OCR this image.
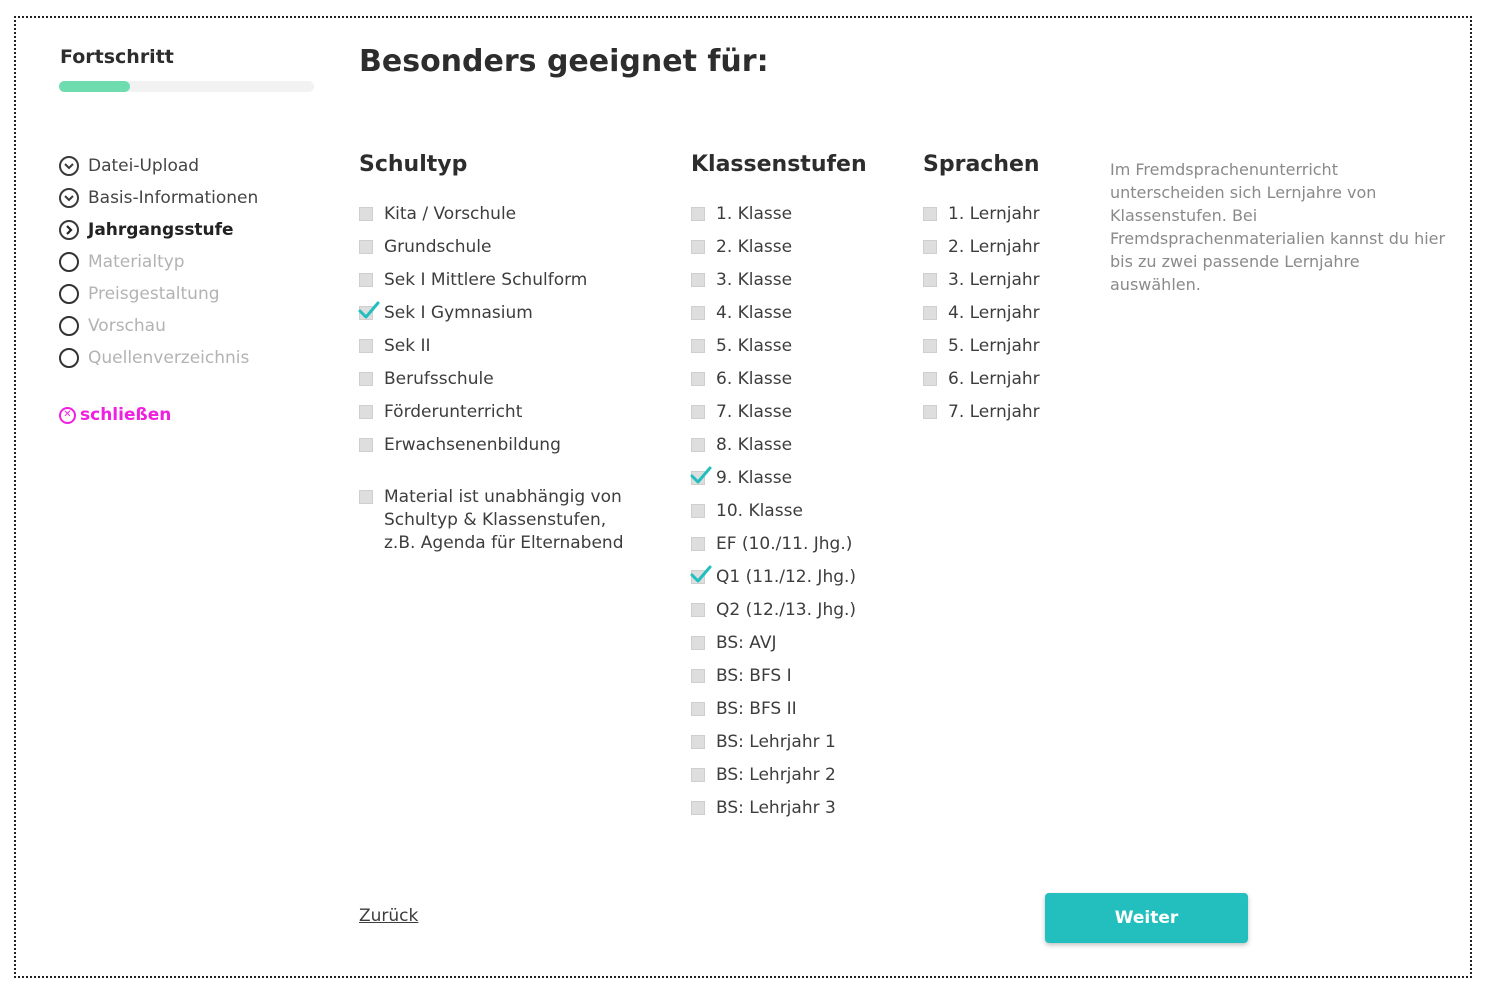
Fortschritt
Datei-Upload
Basis-Informationen
Jahrgangsstufe
Materialtyp
Preisgestaltung
Vorschau
Quellenverzeichnis
✕ schließen
Besonders geeignet für:
Schultyp
Kita / Vorschule
Grundschule
Sek I Mittlere Schulform
Sek I Gymnasium
Sek II
Berufsschule
Förderunterricht
Erwachsenenbildung
Material ist unabhängig von Schultyp & Klassenstufen, z.B. Agenda für Elternabend
Klassenstufen
1. Klasse
2. Klasse
3. Klasse
4. Klasse
5. Klasse
6. Klasse
7. Klasse
8. Klasse
9. Klasse
10. Klasse
EF (10./11. Jhg.)
Q1 (11./12. Jhg.)
Q2 (12./13. Jhg.)
BS: AVJ
BS: BFS I
BS: BFS II
BS: Lehrjahr 1
BS: Lehrjahr 2
BS: Lehrjahr 3
Sprachen
1. Lernjahr
2. Lernjahr
3. Lernjahr
4. Lernjahr
5. Lernjahr
6. Lernjahr
7. Lernjahr
Im Fremdsprachenunterricht unterscheiden sich Lernjahre von Klassenstufen. Bei Fremdsprachenmaterialien kannst du hier bis zu zwei passende Lernjahre auswählen.
Zurück	Weiter
